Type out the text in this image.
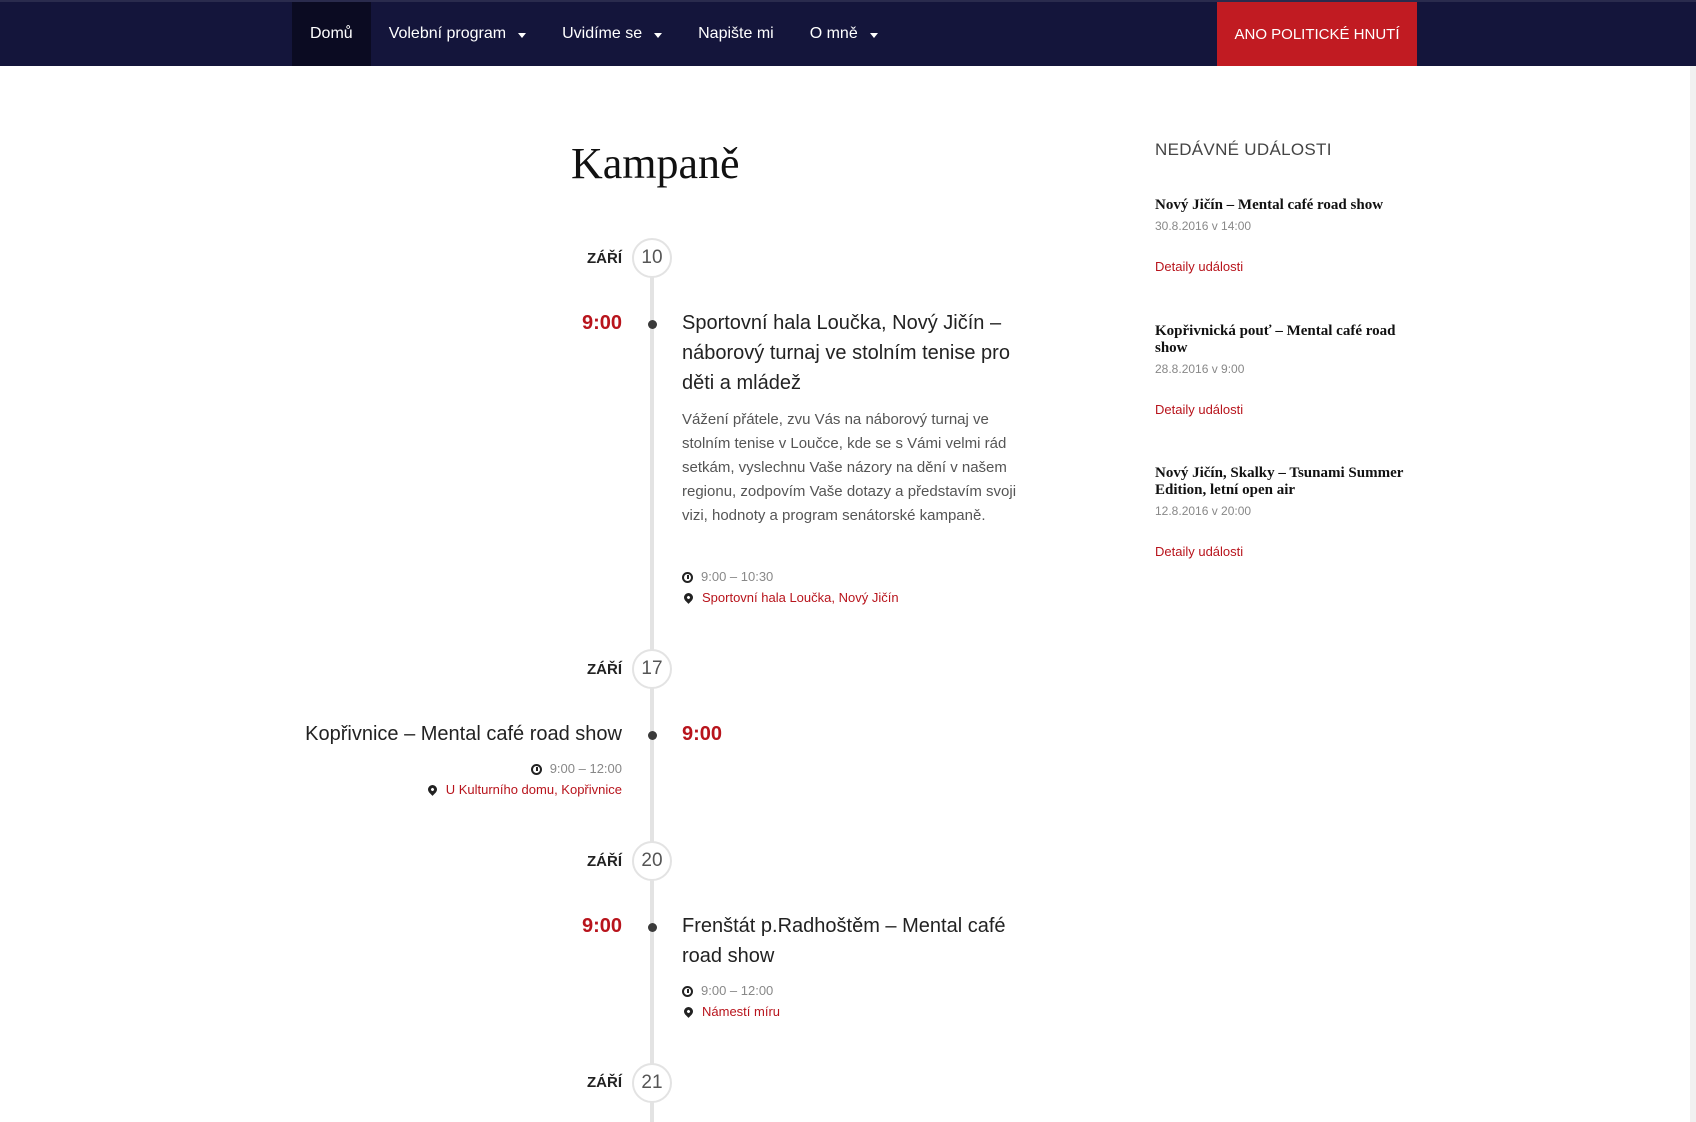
Domů Volební program	Uvidíme se	Napište mi O mně	ANO POLITICKÉ HNUTÍ
Kampaně
ZÁŘÍ	10
9:00	Sportovní hala Loučka, Nový Jičín – náborový turnaj ve stolním tenise pro děti a mládež
Vážení přátele, zvu Vás na náborový turnaj ve stolním tenise v Loučce, kde se s Vámi velmi rád setkám, vyslechnu Vaše názory na dění v našem regionu, zodpovím Vaše dotazy a představím svoji vizi, hodnoty a program senátorské kampaně.
9:00 – 10:30
Sportovní hala Loučka, Nový Jičín
ZÁŘÍ	17
Kopřivnice – Mental café road show	9:00
9:00 – 12:00
U Kulturního domu, Kopřivnice
ZÁŘÍ	20
9:00	Frenštát p.Radhoštěm – Mental café road show
9:00 – 12:00
Námestí míru
ZÁŘÍ	21
NEDÁVNÉ UDÁLOSTI
Nový Jičín – Mental café road show
30.8.2016 v 14:00
Detaily události
Kopřivnická pouť – Mental café road show
28.8.2016 v 9:00
Detaily události
Nový Jičín, Skalky – Tsunami Summer Edition, letní open air
12.8.2016 v 20:00
Detaily události
